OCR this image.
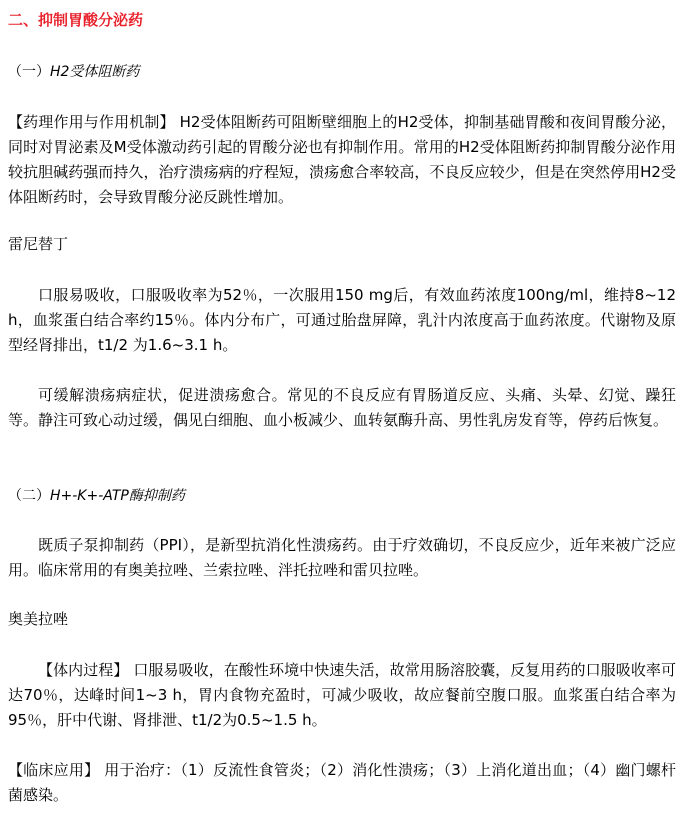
二、抑制胃酸分泌药

（一）H2受体阻断药

【药理作用与作用机制】 H2受体阻断药可阻断壁细胞上的H2受体，抑制基础胃酸和夜间胃酸分泌，同时对胃泌素及M受体激动药引起的胃酸分泌也有抑制作用。常用的H2受体阻断药抑制胃酸分泌作用较抗胆碱药强而持久，治疗溃疡病的疗程短，溃疡愈合率较高，不良反应较少，但是在突然停用H2受体阻断药时，会导致胃酸分泌反跳性增加。

雷尼替丁

口服易吸收，口服吸收率为52％，一次服用150 mg后，有效血药浓度100ng/ml，维持8~12 h，血浆蛋白结合率约15％。体内分布广，可通过胎盘屏障，乳汁内浓度高于血药浓度。代谢物及原型经肾排出，t1/2 为1.6~3.1 h。

可缓解溃疡病症状，促进溃疡愈合。常见的不良反应有胃肠道反应、头痛、头晕、幻觉、躁狂等。静注可致心动过缓，偶见白细胞、血小板减少、血转氨酶升高、男性乳房发育等，停药后恢复。

（二）H+-K+-ATP酶抑制药

既质子泵抑制药（PPI），是新型抗消化性溃疡药。由于疗效确切，不良反应少，近年来被广泛应用。临床常用的有奥美拉唑、兰索拉唑、泮托拉唑和雷贝拉唑。

奥美拉唑

【体内过程】 口服易吸收，在酸性环境中快速失活，故常用肠溶胶囊，反复用药的口服吸收率可达70％，达峰时间1~3 h，胃内食物充盈时，可减少吸收，故应餐前空腹口服。血浆蛋白结合率为95％，肝中代谢、肾排泄、t1/2为0.5~1.5 h。

【临床应用】 用于治疗：（1）反流性食管炎；（2）消化性溃疡；（3）上消化道出血；（4）幽门螺杆菌感染。
